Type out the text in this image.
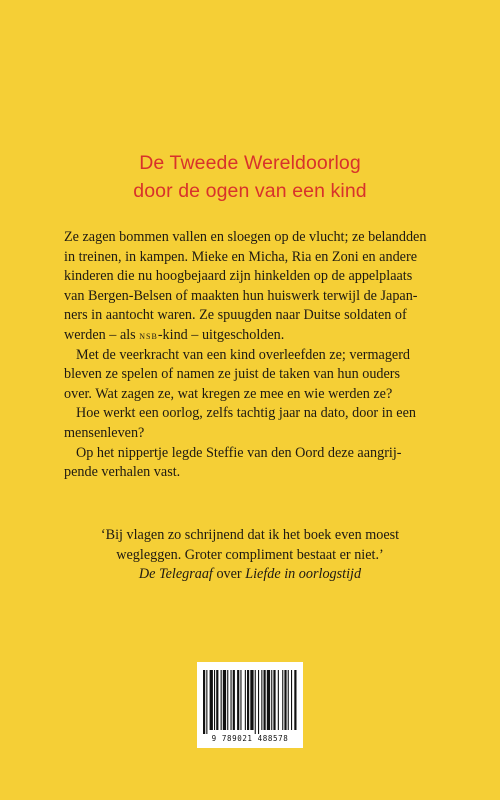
De Tweede Wereldoorlog
door de ogen van een kind
Ze zagen bommen vallen en sloegen op de vlucht; ze belandden
in treinen, in kampen. Mieke en Micha, Ria en Zoni en andere
kinderen die nu hoogbejaard zijn hinkelden op de appelplaats
van Bergen-Belsen of maakten hun huiswerk terwijl de Japan-
ners in aantocht waren. Ze spuugden naar Duitse soldaten of
werden – als nsb-kind – uitgescholden.
Met de veerkracht van een kind overleefden ze; vermagerd
bleven ze spelen of namen ze juist de taken van hun ouders
over. Wat zagen ze, wat kregen ze mee en wie werden ze?
Hoe werkt een oorlog, zelfs tachtig jaar na dato, door in een
mensenleven?
Op het nippertje legde Steffie van den Oord deze aangrij-
pende verhalen vast.
‘Bij vlagen zo schrijnend dat ik het boek even moest
wegleggen. Groter compliment bestaat er niet.’
De Telegraaf over Liefde in oorlogstijd
9 789021 488578
